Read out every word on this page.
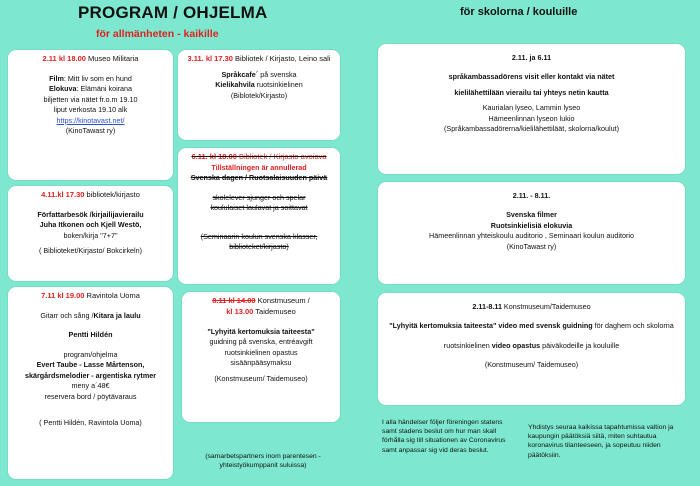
PROGRAM / OHJELMA
för allmänheten - kaikille
för skolorna / kouluille
2.11 kl 18.00 Museo Militaria
Film: Mitt liv som en hund
Elokuva: Elämäni koirana
biljetten via nätet fr.o.m 19.10
liput verkosta 19.10 alk
https://kinotavast.net/
(KinoTawast ry)
3.11. kl 17.30 Bibliotek / Kirjasto, Leino sali
Språkcafe´ på svenska
Kielikahvila ruotsinkielinen
(Biblotek/Kirjasto)
6.11. kl 18.00 Bibliotek / Kirjasto avoiava
Tillställningen är annullerad
Svenska dagen / Ruotsalaisuuden päivä
skolelever sjunger och spelar
koululaiset laulavat ja soittavat
(Seminaarin koulun svenska klasser, biblioteket/kirjasto)
4.11.kl 17.30 bibliotek/kirjasto
Författarbesök /kirjailijavierailu
Juha Itkonen och Kjell Westö,
boken/kirja "7+7"
( Biblioteket/Kirjasto/ Bokcirkeln)
7.11 kl 19.00 Ravintola Uoma
Gitarr och sång /Kitara ja laulu
Pentti Hildén
program/ohjelma
Evert Taube - Lasse Mårtenson,
skärgårdsmelodier - argentiska rytmer
meny a´48€
reservera bord / pöytävaraus
( Pentti Hildén, Ravintola Uoma)
8.11 kl 14.00 Konstmuseum /
kl 13.00 Taidemuseo
"Lyhyitä kertomuksia taiteesta"
guidning på svenska, entréavgift
ruotsinkielinen opastus
sisäänpääsymaksu
(Konstmuseum/ Taidemuseo)
(samarbetspartners inom parentesen - yhteistyökumppanit suluissa)
2.11. ja 6.11
språkambassadörens visit eller kontakt via nätet
kielilähettilään vierailu tai yhteys netin kautta
Kaurialan lyseo, Lammin lyseo
Hämeenlinnan lyseon lukio
(Språkambassadörerna/kielilähettiläät, skolorna/koulut)
2.11. - 8.11.
Svenska filmer
Ruotsinkielisiä elokuvia
Hämeenlinnan yhteiskoulu auditorio , Seminaari koulun auditorio
(KinoTawast ry)
2.11-8.11 Konstmuseum/Taidemuseo
"Lyhyitä kertomuksia taiteesta" video med svensk guidning för daghem och skolorna
ruotsinkielinen video opastus päiväkodeille ja kouluille
(Konstmuseum/ Taidemuseo)
I alla händelser följer föreningen statens samt stadens beslut om hur man skall förhålla sig till situationen av Coronavirus samt anpassar sig vid deras beslut.
Yhdistys seuraa kaikissa tapahtumissa valtion ja kaupungin päätöksiä siitä, miten suhtautua koronavirus tilanteeseen, ja sopeutuu niiden päätöksiin.
